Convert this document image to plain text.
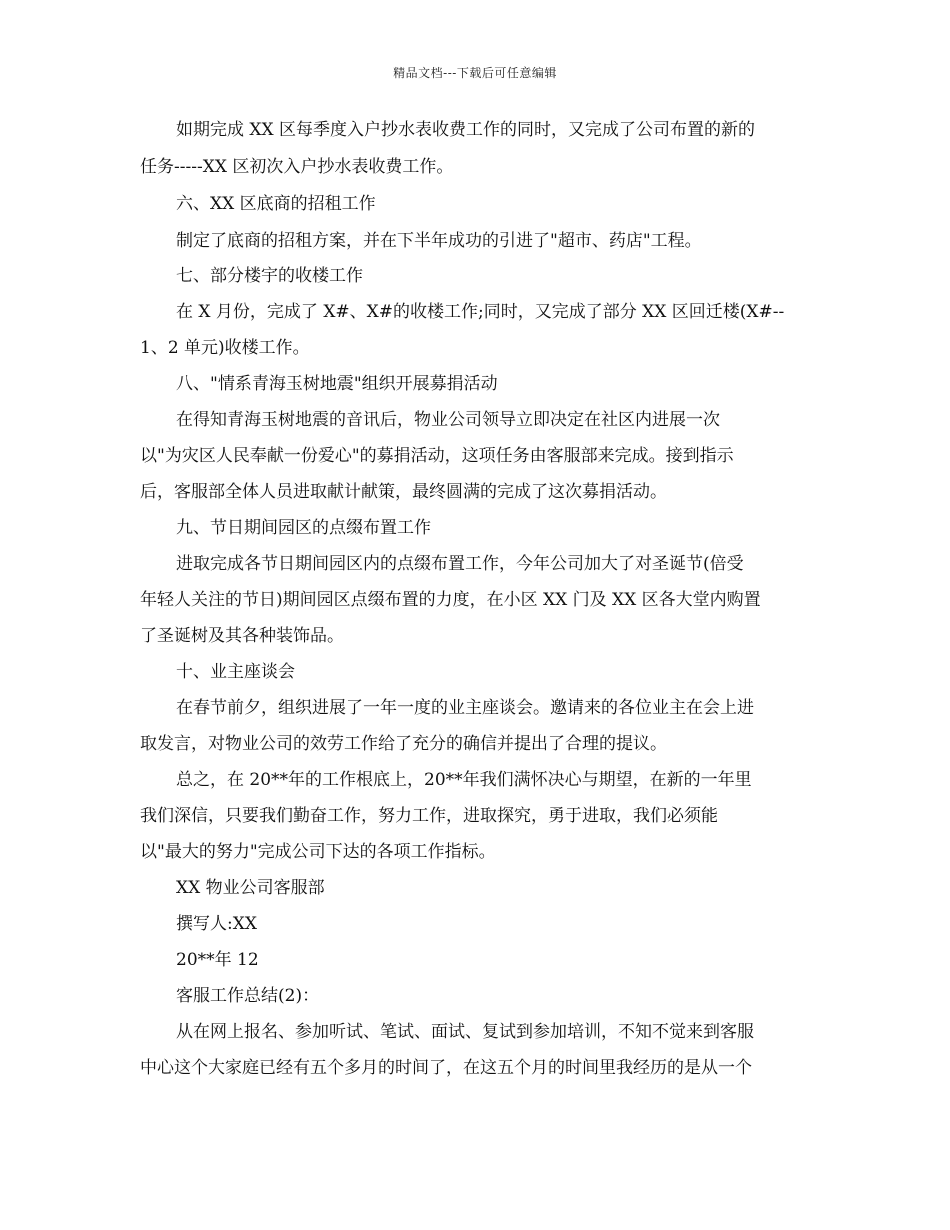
精品文档---下载后可任意编辑
如期完成 XX 区每季度入户抄水表收费工作的同时，又完成了公司布置的新的
任务-----XX 区初次入户抄水表收费工作。
六、XX 区底商的招租工作
制定了底商的招租方案，并在下半年成功的引进了"超市、药店"工程。
七、部分楼宇的收楼工作
在 X 月份，完成了 X#、X#的收楼工作;同时，又完成了部分 XX 区回迁楼(X#--
1、2 单元)收楼工作。
八、"情系青海玉树地震"组织开展募捐活动
在得知青海玉树地震的音讯后，物业公司领导立即决定在社区内进展一次
以"为灾区人民奉献一份爱心"的募捐活动，这项任务由客服部来完成。接到指示
后，客服部全体人员进取献计献策，最终圆满的完成了这次募捐活动。
九、节日期间园区的点缀布置工作
进取完成各节日期间园区内的点缀布置工作，今年公司加大了对圣诞节(倍受
年轻人关注的节日)期间园区点缀布置的力度，在小区 XX 门及 XX 区各大堂内购置
了圣诞树及其各种装饰品。
十、业主座谈会
在春节前夕，组织进展了一年一度的业主座谈会。邀请来的各位业主在会上进
取发言，对物业公司的效劳工作给了充分的确信并提出了合理的提议。
总之，在 20**年的工作根底上，20**年我们满怀决心与期望，在新的一年里
我们深信，只要我们勤奋工作，努力工作，进取探究，勇于进取，我们必须能
以"最大的努力"完成公司下达的各项工作指标。
XX 物业公司客服部
撰写人:XX
20**年 12
客服工作总结(2)：
从在网上报名、参加听试、笔试、面试、复试到参加培训，不知不觉来到客服
中心这个大家庭已经有五个多月的时间了，在这五个月的时间里我经历的是从一个
